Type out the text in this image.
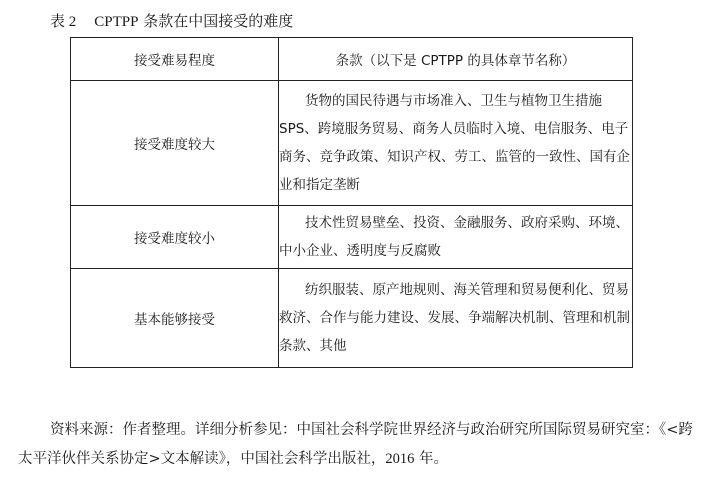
表 2 CPTPP 条款在中国接受的难度
接受难易程度	条款（以下是 CPTPP 的具体章节名称）
接受难度较大	货物的国民待遇与市场准入、卫生与植物卫生措施SPS、跨境服务贸易、商务人员临时入境、电信服务、电子商务、竞争政策、知识产权、劳工、监管的一致性、国有企业和指定垄断
接受难度较小	技术性贸易壁垒、投资、金融服务、政府采购、环境、中小企业、透明度与反腐败
基本能够接受	纺织服装、原产地规则、海关管理和贸易便利化、贸易救济、合作与能力建设、发展、争端解决机制、管理和机制条款、其他
资料来源：作者整理。详细分析参见：中国社会科学院世界经济与政治研究所国际贸易研究室：《<跨太平洋伙伴关系协定>文本解读》，中国社会科学出版社，2016 年。
